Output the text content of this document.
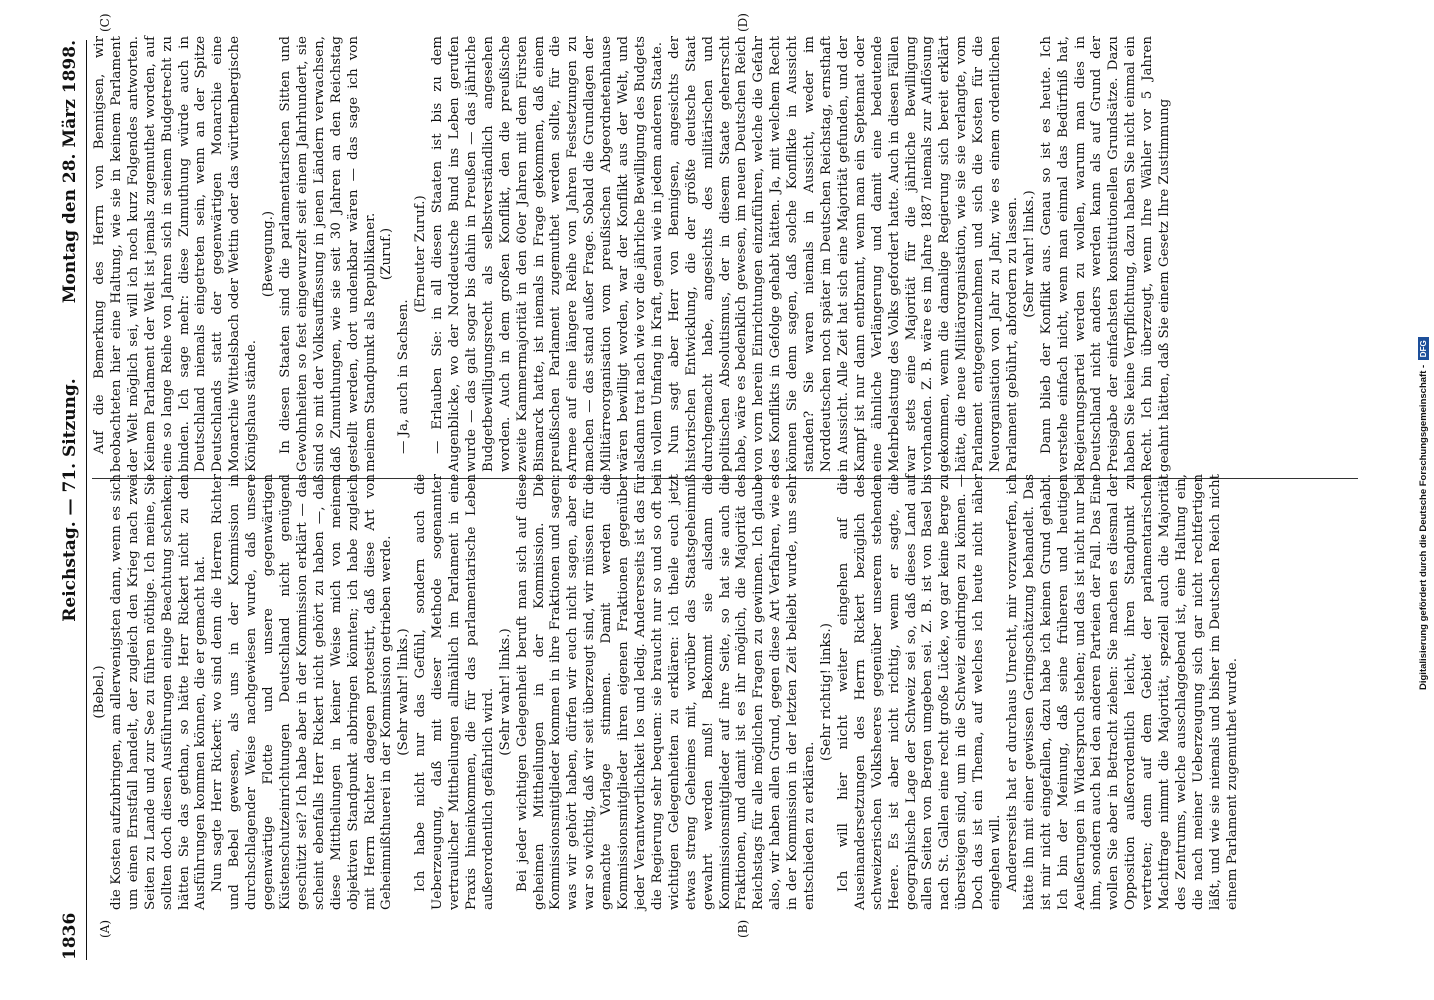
1836
Reichstag. — 71. Sitzung.
Montag den 28. März 1898.
(A)	(B)
(C)	(D)

(Bebel.) die Kosten aufzubringen, am allerwenigsten dann, wenn es sich um einen Ernstfall handelt, der zugleich den Krieg nach zwei Seiten zu Lande und zur See zu führen nöthige. Ich meine, Sie sollten doch diesen Ausführungen einige Beachtung schenken; hätten Sie das gethan, so hätte Herr Rickert nicht zu den Ausführungen kommen können, die er gemacht hat. Nun sagte Herr Rickert: wo sind denn die Herren Richter und Bebel gewesen, als uns in der Kommission in durchschlagender Weise nachgewiesen wurde, daß unsere gegenwärtige Flotte und unsere gegenwärtigen Küstenschutzeinrichtungen Deutschland nicht genügend geschützt sei? Ich habe aber in der Kommission erklärt — das scheint ebenfalls Herr Rickert nicht gehört zu haben —, daß diese Mittheilungen in keiner Weise mich von meinem objektiven Standpunkt abbringen könnten; ich habe zugleich mit Herrn Richter dagegen protestirt, daß diese Art von Geheimnißthuerei in der Kommission getrieben werde. (Sehr wahr! links.) Ich habe nicht nur das Gefühl, sondern auch die Ueberzeugung, daß mit dieser Methode sogenannter vertraulicher Mittheilungen allmählich im Parlament in eine Praxis hineinkommen, die für das parlamentarische Leben außerordentlich gefährlich wird. (Sehr wahr! links.) Bei jeder wichtigen Gelegenheit beruft man sich auf diese geheimen Mittheilungen in der Kommission. Die Kommissionsmitglieder kommen in ihre Fraktionen und sagen: was wir gehört haben, dürfen wir euch nicht sagen, aber es war so wichtig, daß wir seit überzeugt sind, wir müssen für die gemachte Vorlage stimmen. Damit werden die Kommissionsmitglieder ihren eigenen Fraktionen gegenüber jeder Verantwortlichkeit los und ledig. Andererseits ist das für die Regierung sehr bequem: sie braucht nur so und so oft bei wichtigen Gelegenheiten zu erklären: ich theile euch jetzt etwas streng Geheimes mit, worüber das Staatsgeheimniß gewahrt werden muß! Bekommt sie alsdann die Kommissionsmitglieder auf ihre Seite, so hat sie auch die Fraktionen, und damit ist es ihr möglich, die Majorität des Reichstags für alle möglichen Fragen zu gewinnen. Ich glaube also, wir haben allen Grund, gegen diese Art Verfahren, wie es in der Kommission in der letzten Zeit beliebt wurde, uns sehr entschieden zu erklären.

(Sehr richtig! links.) Ich will hier nicht weiter eingehen auf die Auseinandersetzungen des Herrn Rickert bezüglich des schweizerischen Volksheeres gegenüber unserem stehenden Heere. Es ist aber nicht richtig, wenn er sagte, die geographische Lage der Schweiz sei so, daß dieses Land auf allen Seiten von Bergen umgeben sei. Z. B. ist von Basel bis nach St. Gallen eine recht große Lücke, wo gar keine Berge zu übersteigen sind, um in die Schweiz eindringen zu können. — Doch das ist ein Thema, auf welches ich heute nicht näher eingehen will. Andererseits hat er durchaus Unrecht, mir vorzuwerfen, ich hätte ihn mit einer gewissen Geringschätzung behandelt. Das ist mir nicht eingefallen, dazu habe ich keinen Grund gehabt. Ich bin der Meinung, daß seine früheren und heutigen Aeußerungen in Widerspruch stehen; und das ist nicht nur bei ihm, sondern auch bei den anderen Parteien der Fall. Das Eine wollen Sie aber in Betracht ziehen: Sie machen es diesmal der Opposition außerordentlich leicht, ihren Standpunkt zu vertreten; denn auf dem Gebiet der parlamentarischen Machtfrage nimmt die Majorität, speziell auch die Majorität des Zentrums, welche ausschlaggebend ist, eine Haltung ein, die nach meiner Ueberzeugung sich gar nicht rechtfertigen läßt, und wie sie niemals und bisher im Deutschen Reich nicht einem Parlament zugemuthet wurde.

Auf die Bemerkung des Herrn von Bennigsen, wir beobachteten hier eine Haltung, wie sie in keinem Parlament der Welt möglich sei, will ich noch kurz Folgendes antworten. Keinem Parlament der Welt ist jemals zugemuthet worden, auf eine so lange Reihe von Jahren sich in seinem Budgetrecht zu binden. Ich sage mehr: diese Zumuthung würde auch in Deutschland niemals eingetreten sein, wenn an der Spitze Deutschlands statt der gegenwärtigen Monarchie eine Monarchie Wittelsbach oder Wettin oder das württembergische Königshaus stände.

(Bewegung.) In diesen Staaten sind die parlamentarischen Sitten und Gewohnheiten so fest eingewurzelt seit einem Jahrhundert, sie sind so mit der Volksauffassung in jenen Ländern verwachsen, daß Zumuthungen, wie sie seit 30 Jahren an den Reichstag gestellt werden, dort undenkbar wären — das sage ich von meinem Standpunkt als Republikaner. (Zuruf.)

— Ja, auch in Sachsen.

(Erneuter Zuruf.) — Erlauben Sie: in all diesen Staaten ist bis zu dem Augenblicke, wo der Norddeutsche Bund ins Leben gerufen wurde — das galt sogar bis dahin in Preußen — das jährliche Budgetbewilligungsrecht als selbstverständlich angesehen worden. Auch in dem großen Konflikt, den die preußische zweite Kammermajorität in den 60er Jahren mit dem Fürsten Bismarck hatte, ist niemals in Frage gekommen, daß einem preußischen Parlament zugemuthet werden sollte, für die Armee auf eine längere Reihe von Jahren Festsetzungen zu machen — das stand außer Frage. Sobald die Grundlagen der Militärreorganisation vom preußischen Abgeordnetenhause wären bewilligt worden, war der Konflikt aus der Welt, und alsdann trat nach wie vor die jährliche Bewilligung des Budgets in vollem Umfang in Kraft, genau wie in jedem anderen Staate. Nun sagt aber Herr von Bennigsen, angesichts der historischen Entwicklung, die der größte deutsche Staat durchgemacht habe, angesichts des militärischen und politischen Absolutismus, der in diesem Staate geherrscht habe, wäre es bedenklich gewesen, im neuen Deutschen Reich von vorn herein Einrichtungen einzuführen, welche die Gefahr des Konflikts in Gefolge gehabt hätten. Ja, mit welchem Recht können Sie denn sagen, daß solche Konflikte in Aussicht standen? Sie waren niemals in Aussicht, weder im Norddeutschen noch später im Deutschen Reichstag, ernsthaft in Aussicht. Alle Zeit hat sich eine Majorität gefunden, und der Kampf ist nur dann entbrannt, wenn man ein Septennat oder eine ähnliche Verlängerung und damit eine bedeutende Mehrbelastung des Volks gefordert hatte. Auch in diesen Fällen war stets eine Majorität für die jährliche Bewilligung vorhanden. Z. B. wäre es im Jahre 1887 niemals zur Auflösung gekommen, wenn die damalige Regierung sich bereit erklärt hätte, die neue Militärorganisation, wie sie sie verlangte, vom Parlament entgegenzunehmen und sich die Kosten für die Neuorganisation von Jahr zu Jahr, wie es einem ordentlichen Parlament gebührt, abfordern zu lassen. (Sehr wahr! links.) Dann blieb der Konflikt aus. Genau so ist es heute. Ich verstehe einfach nicht, wenn man einmal das Bedürfniß hat, Regierungspartei werden zu wollen, warum man dies in Deutschland nicht anders werden kann als auf Grund der Preisgabe der einfachsten konstitutionellen Grundsätze. Dazu haben Sie keine Verpflichtung, dazu haben Sie nicht einmal ein Recht. Ich bin überzeugt, wenn Ihre Wähler vor 5 Jahren geahnt hätten, daß Sie einem Gesetz Ihre Zustimmung

Digitalisierung gefördert durch die Deutsche Forschungsgemeinschaft - DFG
